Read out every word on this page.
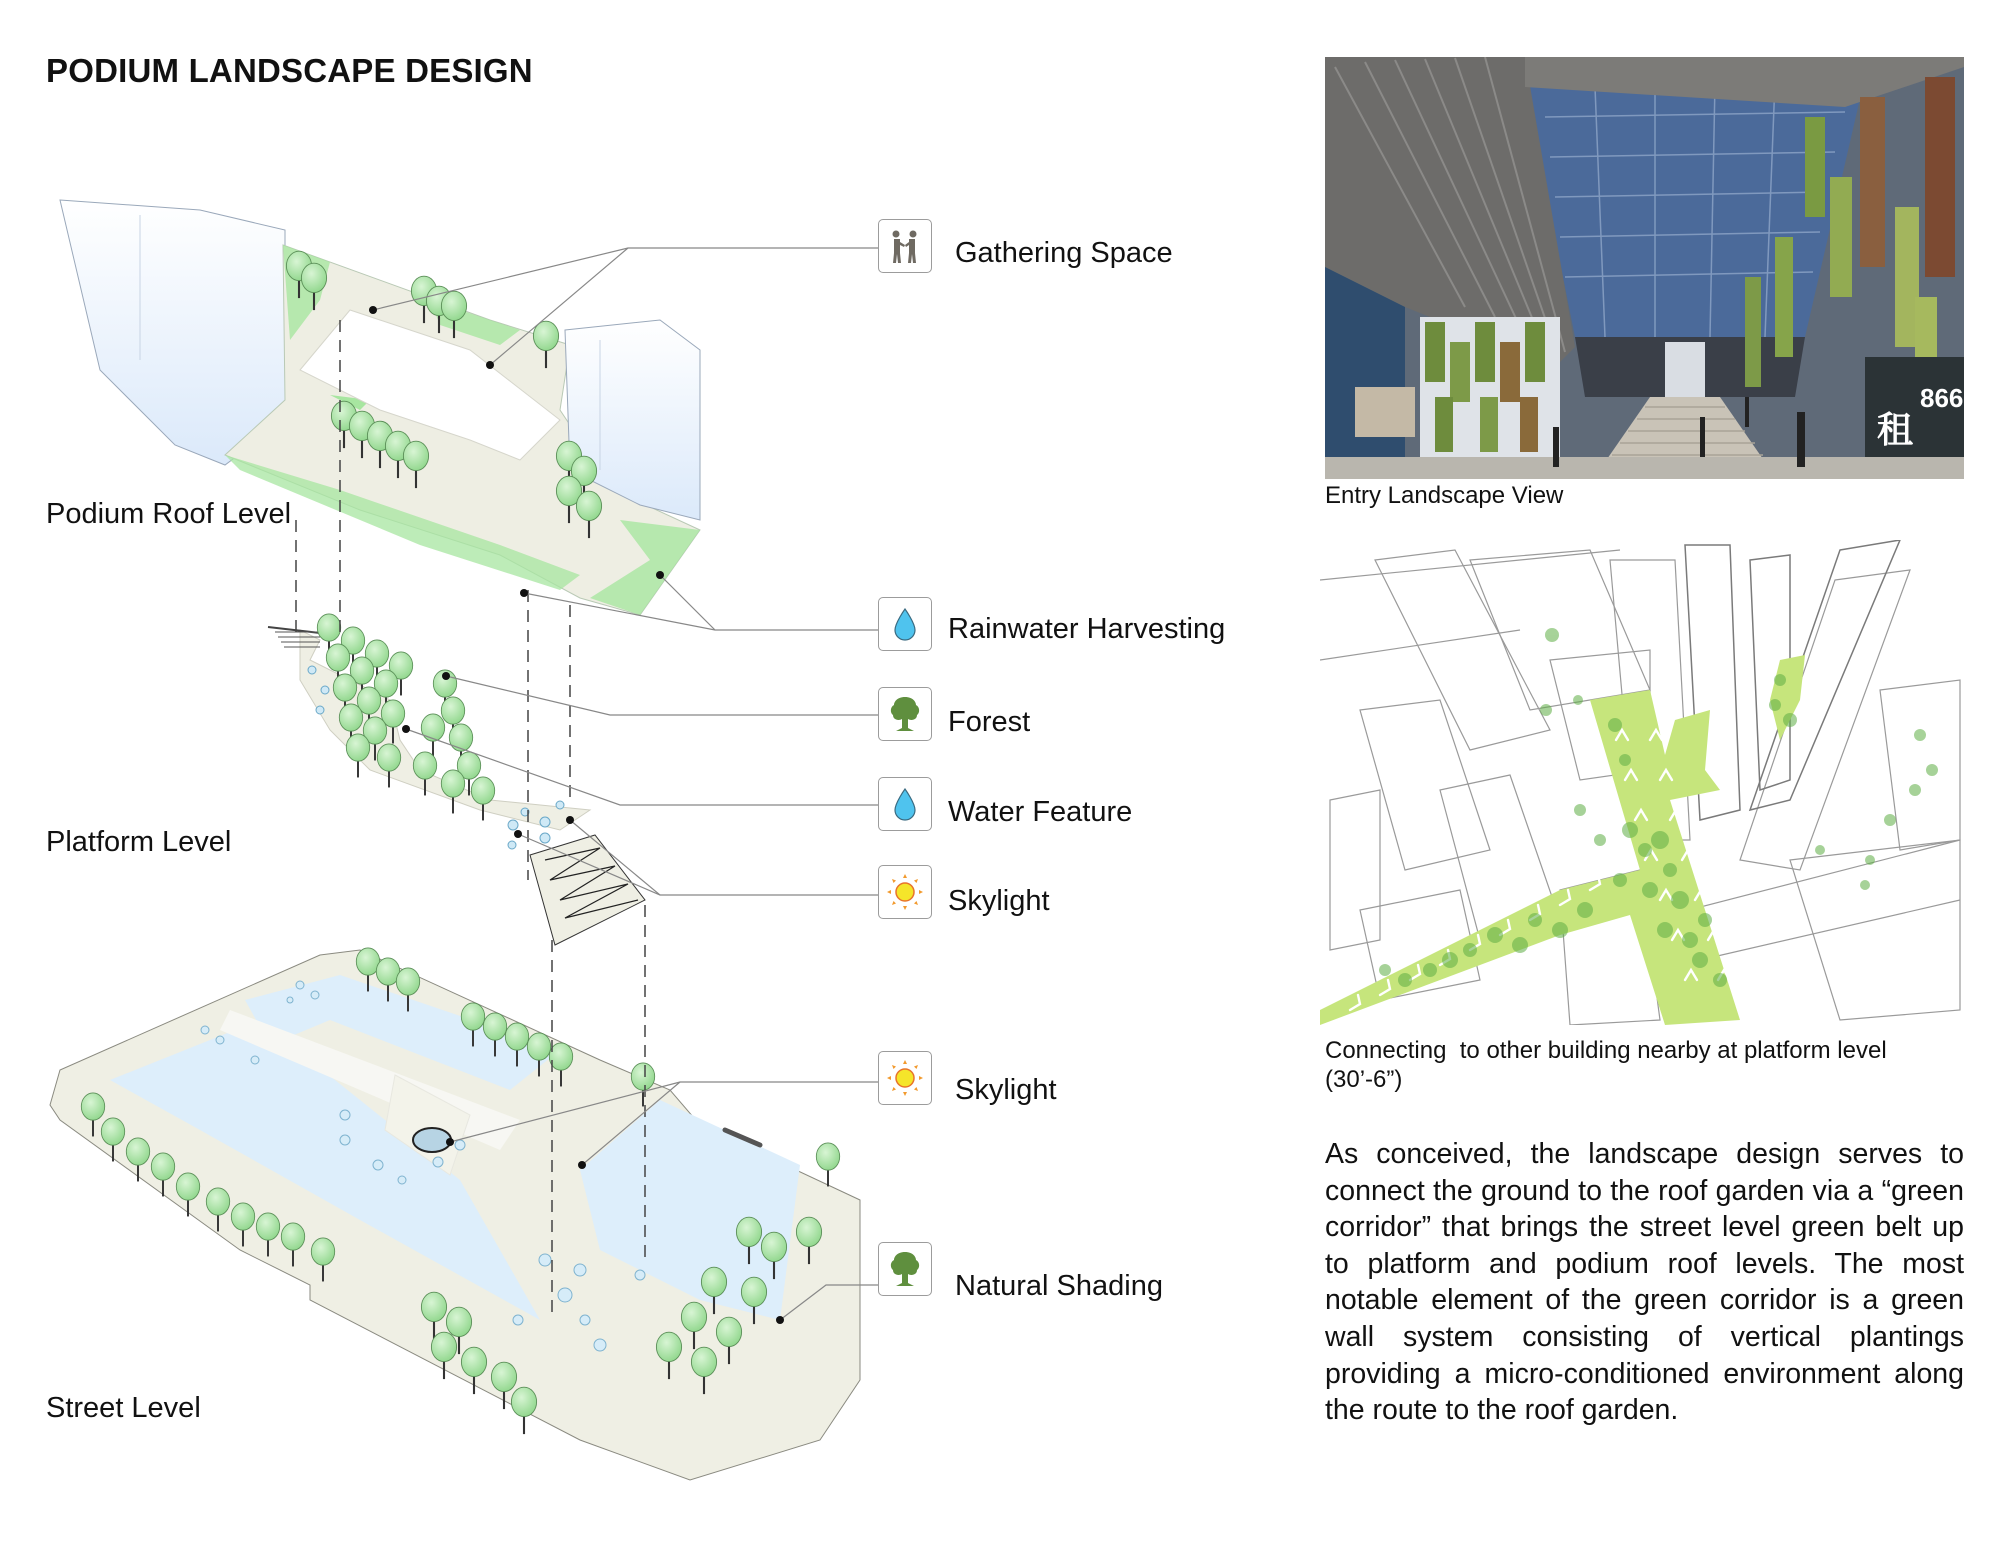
PODIUM LANDSCAPE DESIGN
Podium Roof Level
Platform Level
Street Level
Gathering Space
Rainwater Harvesting
Forest
Water Feature
Skylight
Skylight
Natural Shading
租
866
Entry Landscape View
Connecting  to other building nearby at platform level
(30’-6”)
As conceived, the landscape design serves to connect the ground to the roof garden via a “green corridor” that brings the street level green belt up to platform and podium roof levels. The most notable element of the green corridor is a green wall system consisting of vertical plantings providing a micro-conditioned environment along the route to the roof garden.
